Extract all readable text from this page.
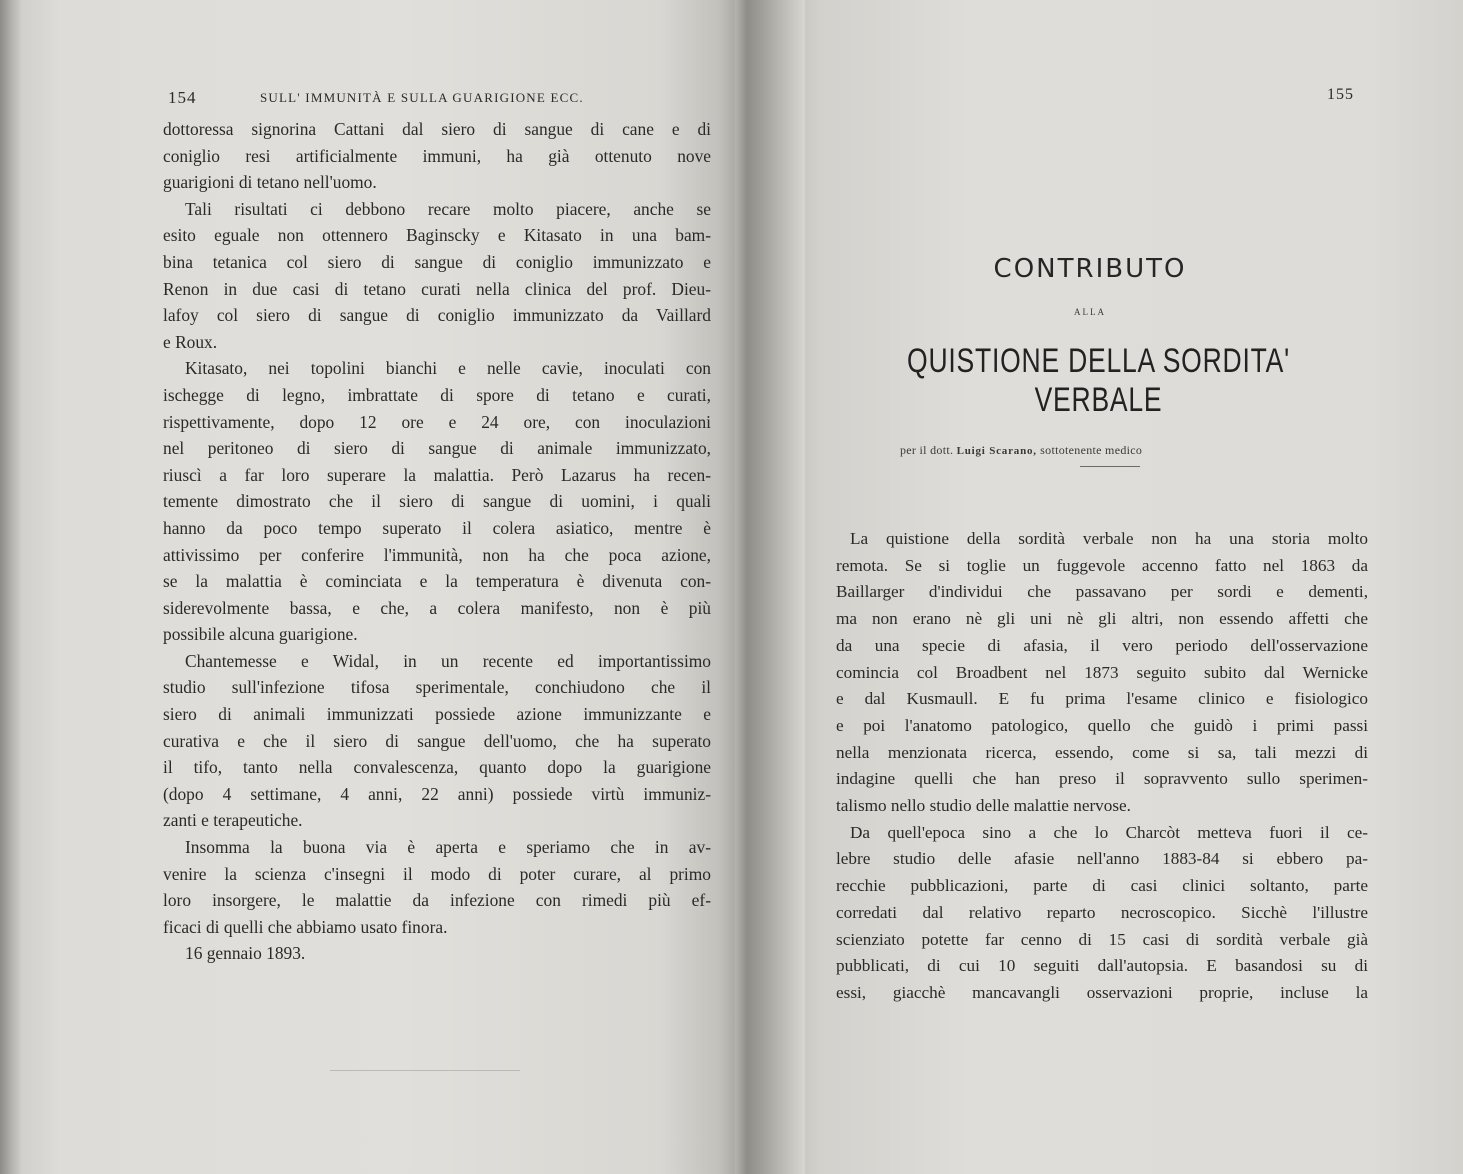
154	SULL' IMMUNITÀ E SULLA GUARIGIONE ECC.
dottoressa signorina Cattani dal siero di sangue di cane e di
coniglio resi artificialmente immuni, ha già ottenuto nove
guarigioni di tetano nell'uomo.
Tali risultati ci debbono recare molto piacere, anche se
esito eguale non ottennero Baginscky e Kitasato in una bam-
bina tetanica col siero di sangue di coniglio immunizzato e
Renon in due casi di tetano curati nella clinica del prof. Dieu-
lafoy col siero di sangue di coniglio immunizzato da Vaillard
e Roux.
Kitasato, nei topolini bianchi e nelle cavie, inoculati con
ischegge di legno, imbrattate di spore di tetano e curati,
rispettivamente, dopo 12 ore e 24 ore, con inoculazioni
nel peritoneo di siero di sangue di animale immunizzato,
riuscì a far loro superare la malattia. Però Lazarus ha recen-
temente dimostrato che il siero di sangue di uomini, i quali
hanno da poco tempo superato il colera asiatico, mentre è
attivissimo per conferire l'immunità, non ha che poca azione,
se la malattia è cominciata e la temperatura è divenuta con-
siderevolmente bassa, e che, a colera manifesto, non è più
possibile alcuna guarigione.
Chantemesse e Widal, in un recente ed importantissimo
studio sull'infezione tifosa sperimentale, conchiudono che il
siero di animali immunizzati possiede azione immunizzante e
curativa e che il siero di sangue dell'uomo, che ha superato
il tifo, tanto nella convalescenza, quanto dopo la guarigione
(dopo 4 settimane, 4 anni, 22 anni) possiede virtù immuniz-
zanti e terapeutiche.
Insomma la buona via è aperta e speriamo che in av-
venire la scienza c'insegni il modo di poter curare, al primo
loro insorgere, le malattie da infezione con rimedi più ef-
ficaci di quelli che abbiamo usato finora.
16 gennaio 1893.
155
CONTRIBUTO
ALLA
QUISTIONE DELLA SORDITA' VERBALE
per il dott. Luigi Scarano, sottotenente medico
La quistione della sordità verbale non ha una storia molto
remota. Se si toglie un fuggevole accenno fatto nel 1863 da
Baillarger d'individui che passavano per sordi e dementi,
ma non erano nè gli uni nè gli altri, non essendo affetti che
da una specie di afasia, il vero periodo dell'osservazione
comincia col Broadbent nel 1873 seguito subito dal Wernicke
e dal Kusmaull. E fu prima l'esame clinico e fisiologico
e poi l'anatomo patologico, quello che guidò i primi passi
nella menzionata ricerca, essendo, come si sa, tali mezzi di
indagine quelli che han preso il sopravvento sullo sperimen-
talismo nello studio delle malattie nervose.
Da quell'epoca sino a che lo Charcòt metteva fuori il ce-
lebre studio delle afasie nell'anno 1883-84 si ebbero pa-
recchie pubblicazioni, parte di casi clinici soltanto, parte
corredati dal relativo reparto necroscopico. Sicchè l'illustre
scienziato potette far cenno di 15 casi di sordità verbale già
pubblicati, di cui 10 seguiti dall'autopsia. E basandosi su di
essi, giacchè mancavangli osservazioni proprie, incluse la
